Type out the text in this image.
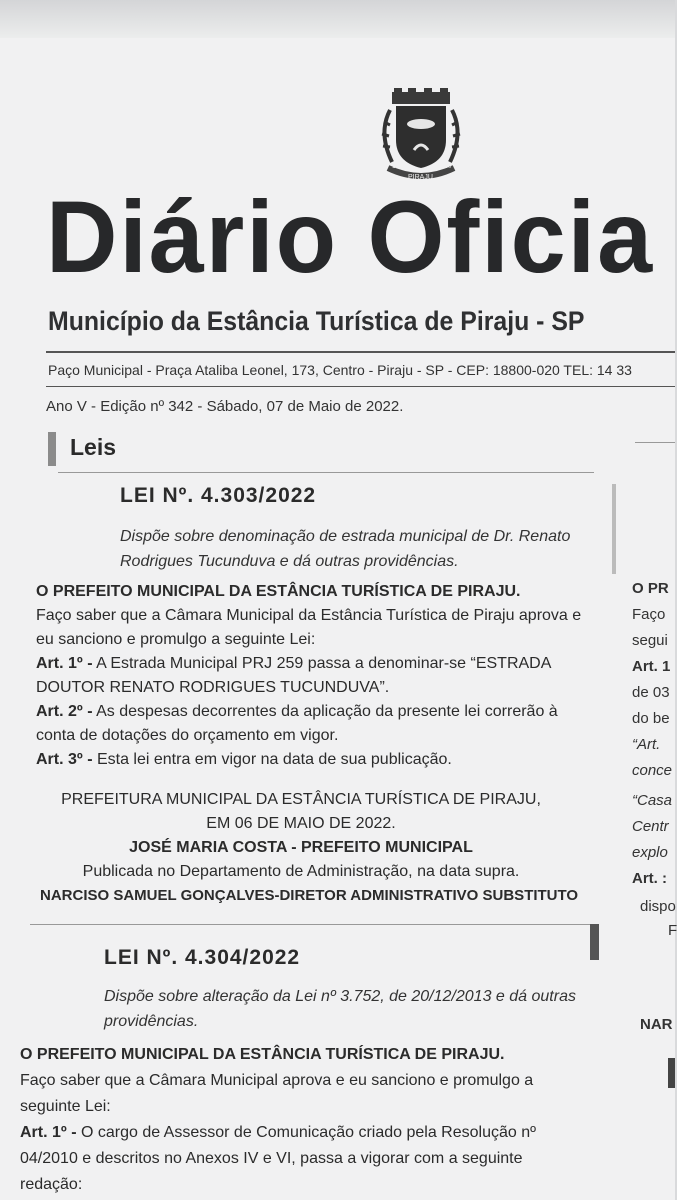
1871	1880
PIRAJU
Diário Oficia
Município da Estância Turística de Piraju - SP
Paço Municipal - Praça Ataliba Leonel, 173, Centro - Piraju - SP - CEP: 18800-020 TEL: 14 33
Ano V - Edição nº 342 - Sábado, 07 de Maio de 2022.
Leis
LEI Nº. 4.303/2022
Dispõe sobre denominação de estrada municipal de Dr. Renato
Rodrigues Tucunduva e dá outras providências.
O PREFEITO MUNICIPAL DA ESTÂNCIA TURÍSTICA DE PIRAJU.
Faço saber que a Câmara Municipal da Estância Turística de Piraju aprova e
eu sanciono e promulgo a seguinte Lei:
Art. 1º - A Estrada Municipal PRJ 259 passa a denominar-se “ESTRADA
DOUTOR RENATO RODRIGUES TUCUNDUVA”.
Art. 2º - As despesas decorrentes da aplicação da presente lei correrão à
conta de dotações do orçamento em vigor.
Art. 3º - Esta lei entra em vigor na data de sua publicação.
PREFEITURA MUNICIPAL DA ESTÂNCIA TURÍSTICA DE PIRAJU,
EM 06 DE MAIO DE 2022.
JOSÉ MARIA COSTA - PREFEITO MUNICIPAL
Publicada no Departamento de Administração, na data supra.
NARCISO SAMUEL GONÇALVES-DIRETOR ADMINISTRATIVO SUBSTITUTO
LEI Nº. 4.304/2022
Dispõe sobre alteração da Lei nº 3.752, de 20/12/2013 e dá outras
providências.
O PREFEITO MUNICIPAL DA ESTÂNCIA TURÍSTICA DE PIRAJU.
Faço saber que a Câmara Municipal aprova e eu sanciono e promulgo a
seguinte Lei:
Art. 1º - O cargo de Assessor de Comunicação criado pela Resolução nº
04/2010 e descritos no Anexos IV e VI, passa a vigorar com a seguinte
redação:
O PR
Faço
segui
Art. 1
de 03
do be
“Art.
conce
“Casa
Centr
explo
Art. :
dispo
F
NAR
